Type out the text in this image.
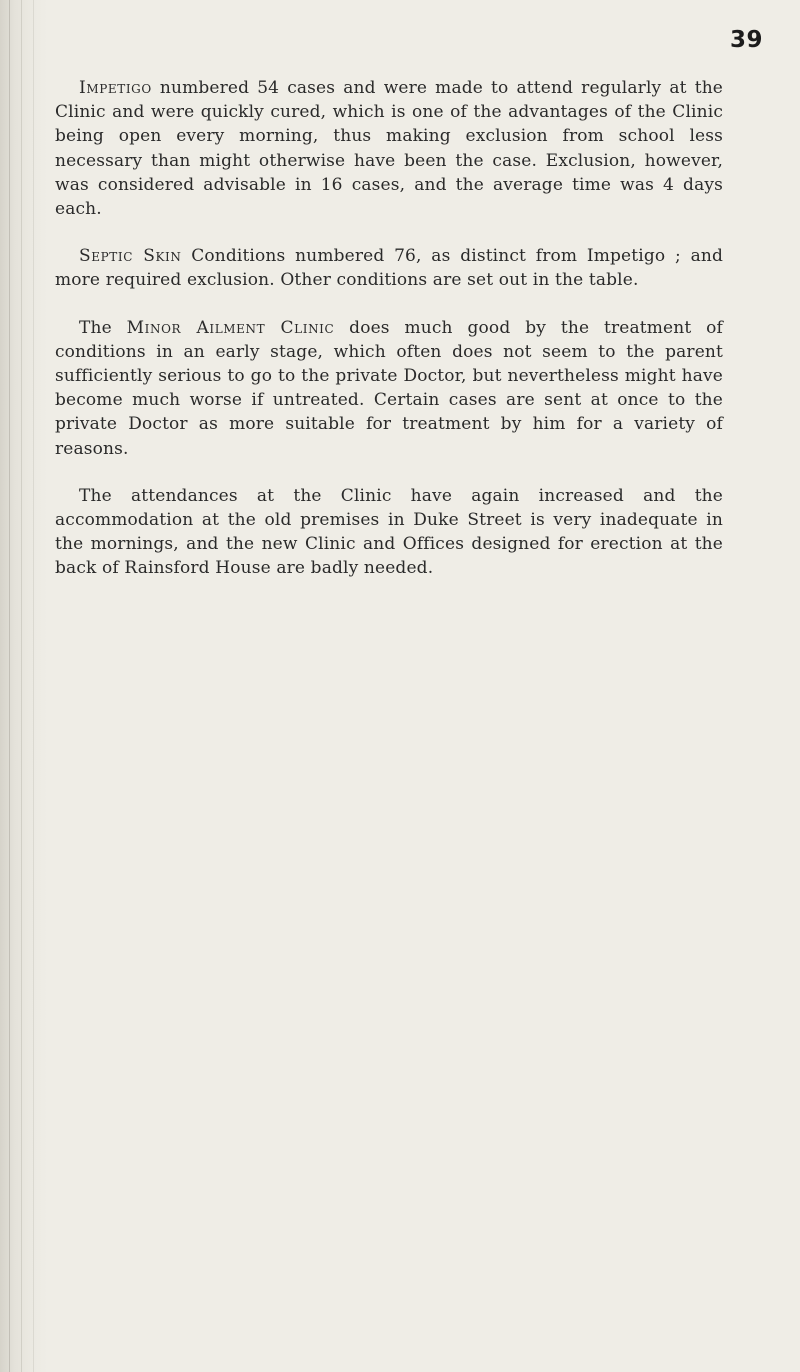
39

Impetigo numbered 54 cases and were made to attend regularly at the Clinic and were quickly cured, which is one of the advantages of the Clinic being open every morning, thus making exclusion from school less necessary than might otherwise have been the case. Exclusion, however, was considered advisable in 16 cases, and the average time was 4 days each.

Septic Skin Conditions numbered 76, as distinct from Impetigo ; and more required exclusion. Other conditions are set out in the table.

The Minor Ailment Clinic does much good by the treatment of conditions in an early stage, which often does not seem to the parent sufficiently serious to go to the private Doctor, but nevertheless might have become much worse if untreated. Certain cases are sent at once to the private Doctor as more suitable for treatment by him for a variety of reasons.

The attendances at the Clinic have again increased and the accommodation at the old premises in Duke Street is very inadequate in the mornings, and the new Clinic and Offices designed for erection at the back of Rainsford House are badly needed.
